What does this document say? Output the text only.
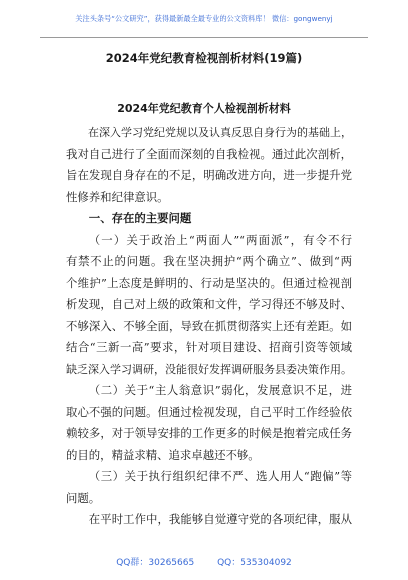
关注头条号“公文研究”，获得最新最全最专业的公文资料库！ 微信：gongwenyj
2024年党纪教育检视剖析材料(19篇)
2024年党纪教育个人检视剖析材料
在深入学习党纪党规以及认真反思自身行为的基础上，
我对自己进行了全面而深刻的自我检视。通过此次剖析，
旨在发现自身存在的不足，明确改进方向，进一步提升党
性修养和纪律意识。
一、存在的主要问题
（一）关于政治上“两面人”“两面派”，有令不行
有禁不止的问题。我在坚决拥护“两个确立”、做到“两
个维护”上态度是鲜明的、行动是坚决的。但通过检视剖
析发现，自己对上级的政策和文件，学习得还不够及时、
不够深入、不够全面，导致在抓贯彻落实上还有差距。如
结合“三新一高”要求，针对项目建设、招商引资等领域
缺乏深入学习调研，没能很好发挥调研服务县委决策作用。
（二）关于“主人翁意识”弱化，发展意识不足，进
取心不强的问题。但通过检视发现，自己平时工作经验依
赖较多，对于领导安排的工作更多的时候是抱着完成任务
的目的，精益求精、追求卓越还不够。
（三）关于执行组织纪律不严、选人用人“跑偏”等
问题。
在平时工作中，我能够自觉遵守党的各项纪律，服从
QQ群：30265665	QQ：535304092
